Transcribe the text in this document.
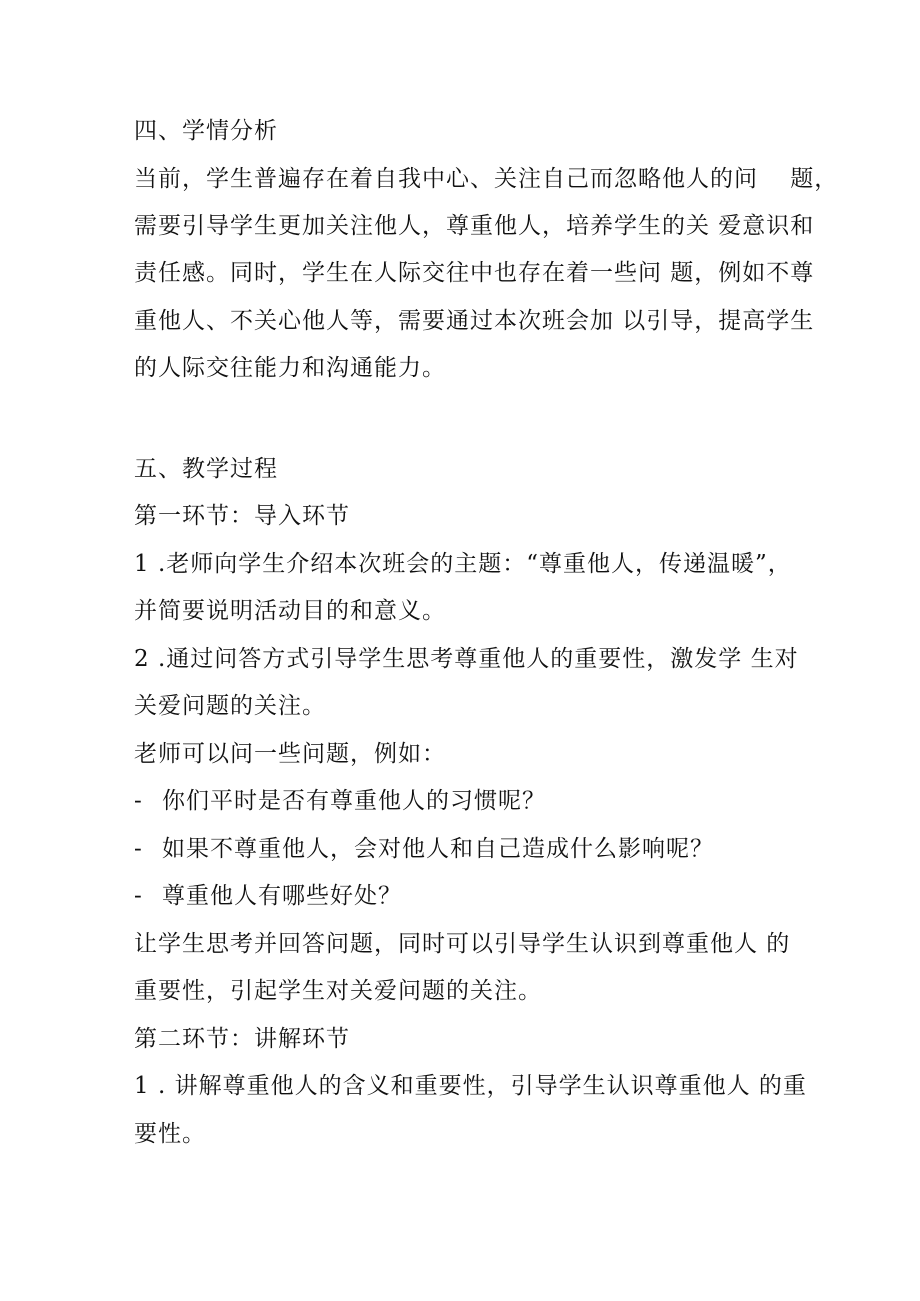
四、学情分析
当前，学生普遍存在着自我中心、关注自己而忽略他人的问　 题，
需要引导学生更加关注他人，尊重他人，培养学生的关 爱意识和
责任感。同时，学生在人际交往中也存在着一些问 题，例如不尊
重他人、不关心他人等，需要通过本次班会加 以引导，提高学生
的人际交往能力和沟通能力。
五、教学过程
第一环节：导入环节
1 .老师向学生介绍本次班会的主题：“尊重他人，传递温暖”，
并简要说明活动目的和意义。
2 .通过问答方式引导学生思考尊重他人的重要性，激发学 生对
关爱问题的关注。
老师可以问一些问题，例如：
- 你们平时是否有尊重他人的习惯呢？
- 如果不尊重他人，会对他人和自己造成什么影响呢？
- 尊重他人有哪些好处？
让学生思考并回答问题，同时可以引导学生认识到尊重他人 的
重要性，引起学生对关爱问题的关注。
第二环节：讲解环节
1 . 讲解尊重他人的含义和重要性，引导学生认识尊重他人 的重
要性。
